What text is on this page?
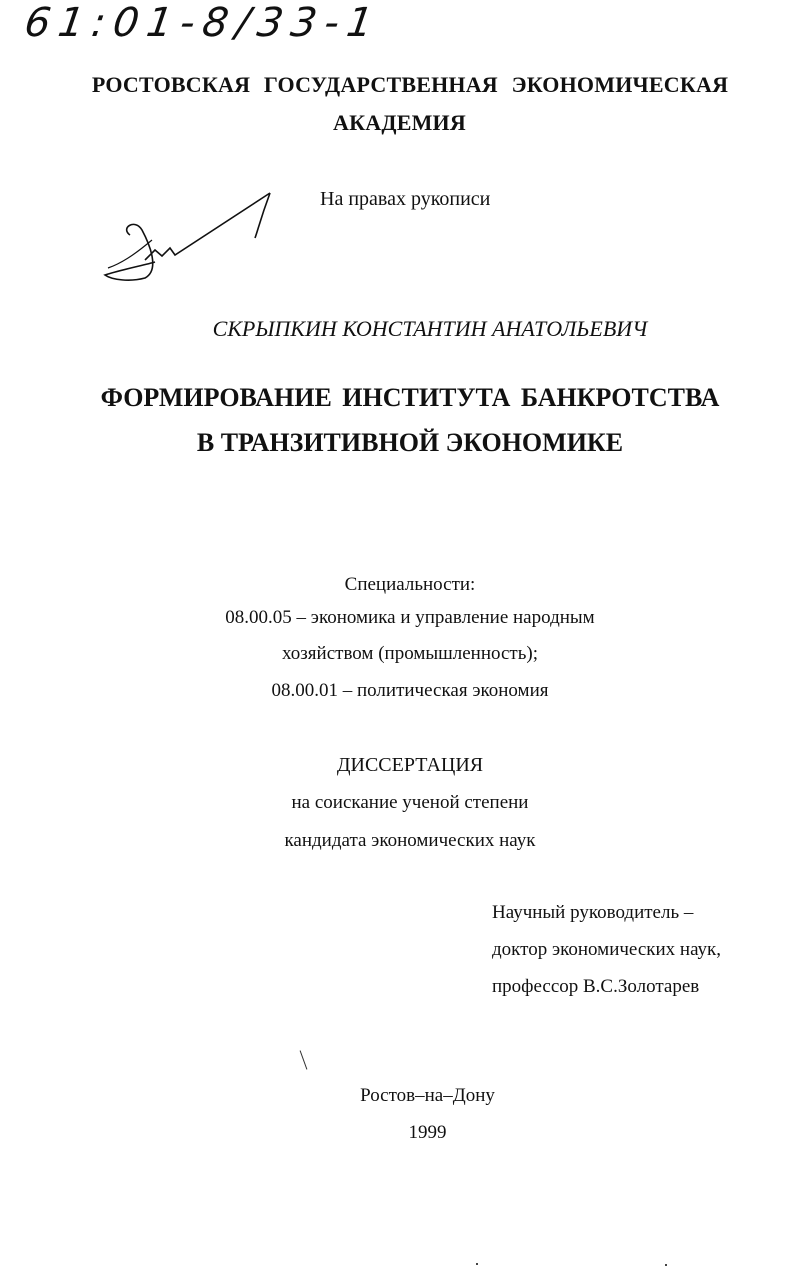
61:01-8/33-1
РОСТОВСКАЯ ГОСУДАРСТВЕННАЯ ЭКОНОМИЧЕСКАЯ
АКАДЕМИЯ
На правах рукописи
СКРЫПКИН КОНСТАНТИН АНАТОЛЬЕВИЧ
ФОРМИРОВАНИЕ ИНСТИТУТА БАНКРОТСТВА
В ТРАНЗИТИВНОЙ ЭКОНОМИКЕ
Специальности:
08.00.05 – экономика и управление народным
хозяйством (промышленность);
08.00.01 – политическая экономия
ДИССЕРТАЦИЯ
на соискание ученой степени
кандидата экономических наук
Научный руководитель –
доктор экономических наук,
профессор В.С.Золотарев
Ростов–на–Дону
1999
